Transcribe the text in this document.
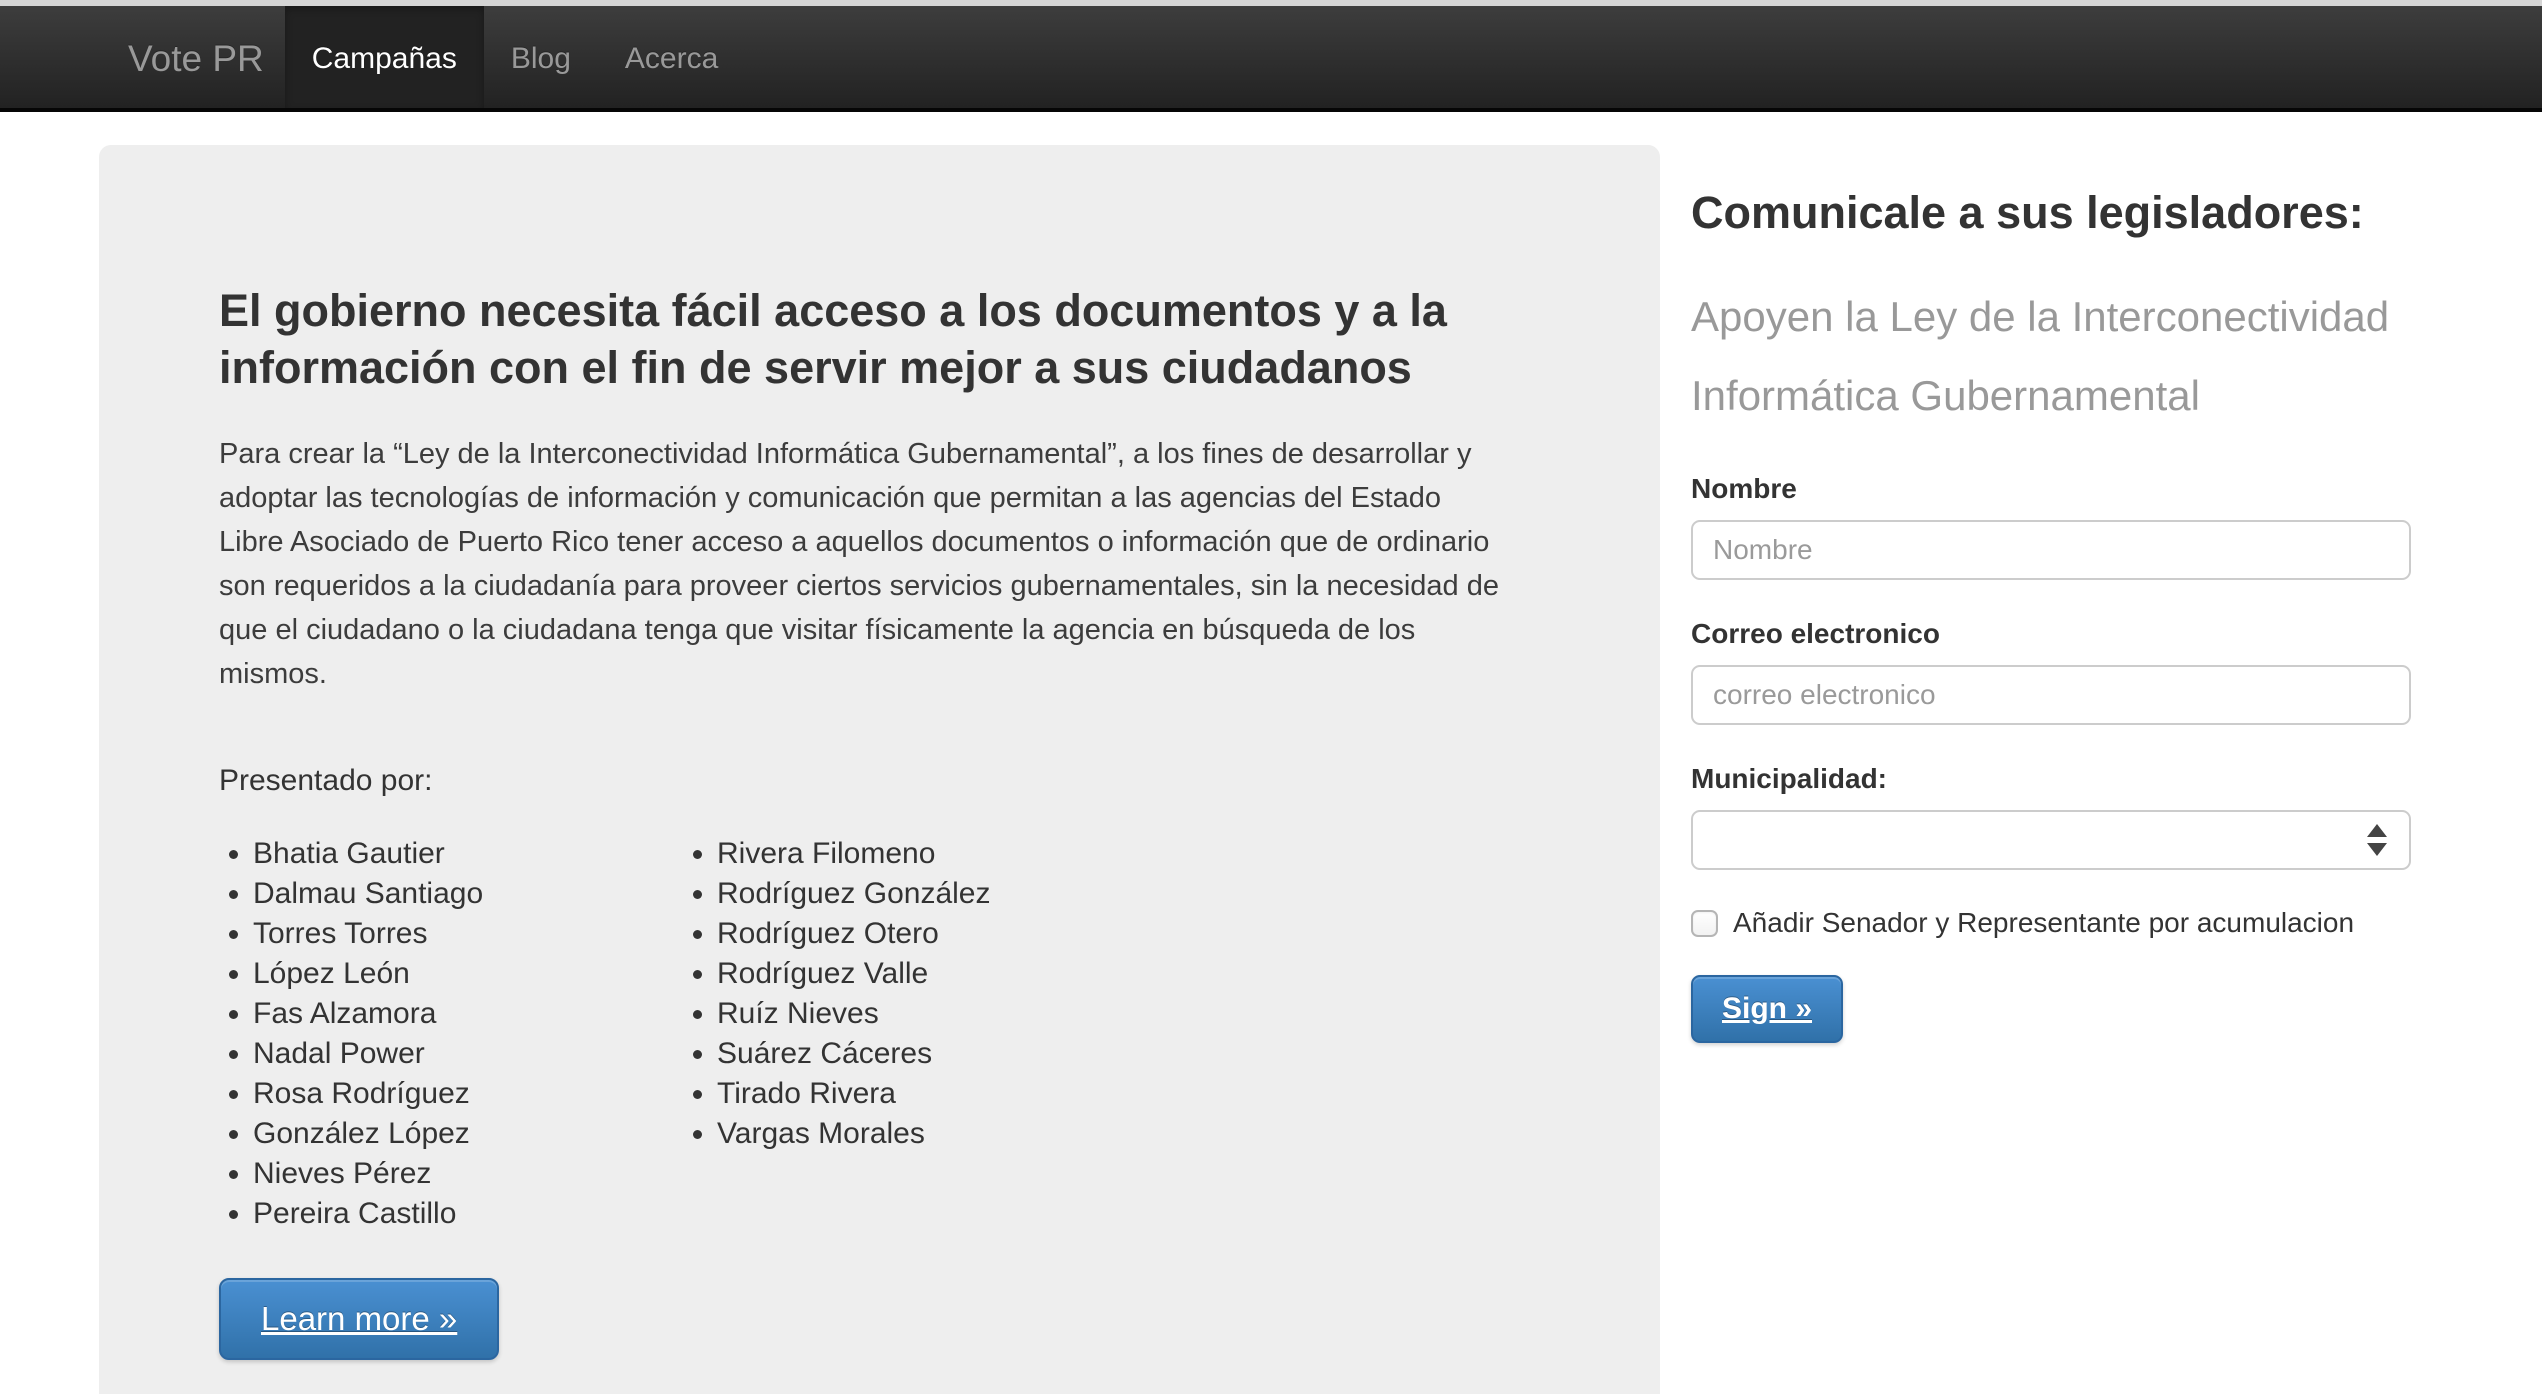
Vote PR	Campañas	Blog	Acerca
El gobierno necesita fácil acceso a los documentos y a la información con el fin de servir mejor a sus ciudadanos

Para crear la “Ley de la Interconectividad Informática Gubernamental”, a los fines de desarrollar y adoptar las tecnologías de información y comunicación que permitan a las agencias del Estado Libre Asociado de Puerto Rico tener acceso a aquellos documentos o información que de ordinario son requeridos a la ciudadanía para proveer ciertos servicios gubernamentales, sin la necesidad de que el ciudadano o la ciudadana tenga que visitar físicamente la agencia en búsqueda de los mismos.

Presentado por:

• Bhatia Gautier
• Dalmau Santiago
• Torres Torres
• López León
• Fas Alzamora
• Nadal Power
• Rosa Rodríguez
• González López
• Nieves Pérez
• Pereira Castillo
• Rivera Filomeno
• Rodríguez González
• Rodríguez Otero
• Rodríguez Valle
• Ruíz Nieves
• Suárez Cáceres
• Tirado Rivera
• Vargas Morales
Learn more »
Comunicale a sus legisladores:
Apoyen la Ley de la Interconectividad Informática Gubernamental
Nombre
Nombre
Correo electronico
correo electronico
Municipalidad:
Añadir Senador y Representante por acumulacion
Sign »
